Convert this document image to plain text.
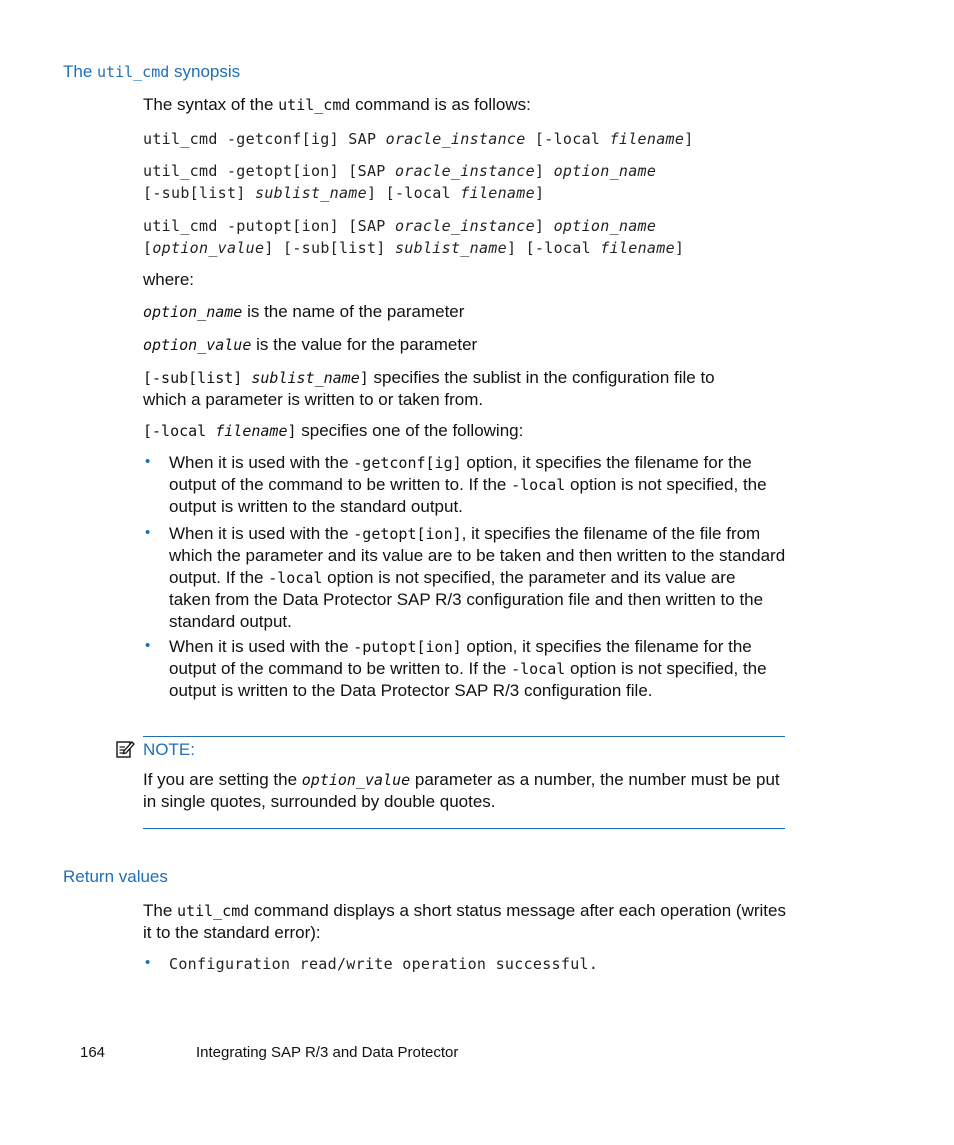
The util_cmd synopsis
The syntax of the util_cmd command is as follows:
util_cmd -getconf[ig] SAP oracle_instance [-local filename]
util_cmd -getopt[ion] [SAP oracle_instance] option_name
[-sub[list] sublist_name] [-local filename]
util_cmd -putopt[ion] [SAP oracle_instance] option_name
[option_value] [-sub[list] sublist_name] [-local filename]
where:
option_name is the name of the parameter
option_value is the value for the parameter
[-sub[list] sublist_name] specifies the sublist in the configuration file to
which a parameter is written to or taken from.
[-local filename] specifies one of the following:
• When it is used with the -getconf[ig] option, it specifies the filename for the
output of the command to be written to. If the -local option is not specified, the
output is written to the standard output.
• When it is used with the -getopt[ion], it specifies the filename of the file from
which the parameter and its value are to be taken and then written to the standard
output. If the -local option is not specified, the parameter and its value are
taken from the Data Protector SAP R/3 configuration file and then written to the
standard output.
• When it is used with the -putopt[ion] option, it specifies the filename for the
output of the command to be written to. If the -local option is not specified, the
output is written to the Data Protector SAP R/3 configuration file.
NOTE:
If you are setting the option_value parameter as a number, the number must be put
in single quotes, surrounded by double quotes.
Return values
The util_cmd command displays a short status message after each operation (writes
it to the standard error):
• Configuration read/write operation successful.
164	Integrating SAP R/3 and Data Protector
